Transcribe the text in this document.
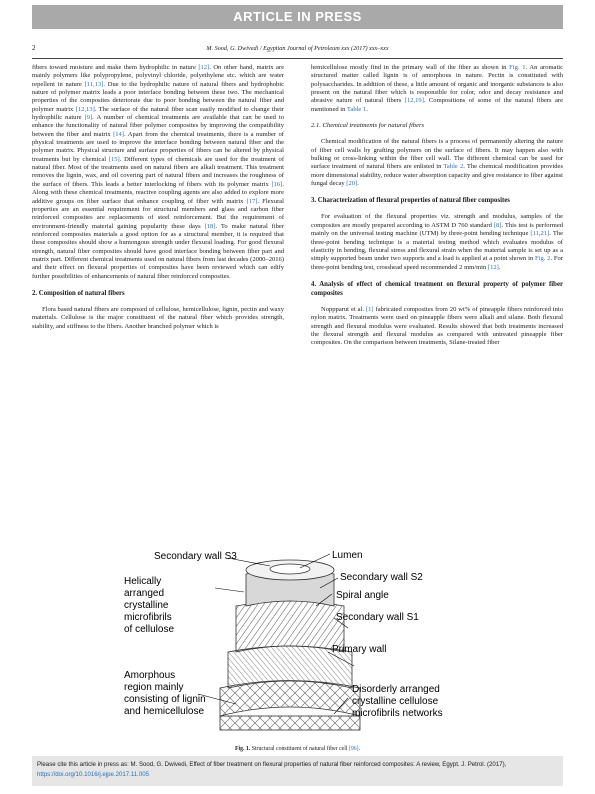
ARTICLE IN PRESS
2	M. Sood, G. Dwivedi / Egyptian Journal of Petroleum xxx (2017) xxx–xxx

fibers toward moisture and make them hydrophilic in nature [12]. On other hand, matrix are mainly polymers like polypropylene, polyvinyl chloride, polyethylene etc. which are water repellent in nature [11,13]. Due to the hydrophilic nature of natural fibers and hydrophobic nature of polymer matrix leads a poor interface bonding between these two. The mechanical properties of the composites deteriorate due to poor bonding between the natural fiber and polymer matrix [12,13]. The surface of the natural fiber scan easily modified to change their hydrophilic nature [9]. A number of chemical treatments are available that can be used to enhance the functionality of natural fiber polymer composites by improving the compatibility between the fiber and matrix [14]. Apart from the chemical treatments, there is a number of physical treatments are used to improve the interface bonding between natural fiber and the polymer matrix. Physical structure and surface properties of fibers can be altered by physical treatments but by chemical [15]. Different types of chemicals are used for the treatment of natural fiber. Most of the treatments used on natural fibers are alkali treatment. This treatment removes the lignin, wax, and oil covering part of natural fibers and increases the roughness of the surface of fibers. This leads a better interlocking of fibers with its polymer matrix [16]. Along with these chemical treatments, reactive coupling agents are also added to explore more additive groups on fiber surface that enhance coupling of fiber with matrix [17]. Flexural properties are an essential requirement for structural members and glass and carbon fiber reinforced composites are replacements of steel reinforcement. But the requirement of environment-friendly material gaining popularity these days [18]. To make natural fiber reinforced composites materials a good option for as a structural member, it is required that these composites should show a humongous strength under flexural loading. For good flexural strength, natural fiber composites should have good interface bonding between fiber part and matrix part. Different chemical treatments used on natural fibers from last decades (2000–2016) and their effect on flexural properties of composites have been reviewed which can edify further possibilities of enhancements of natural fiber reinforced composites.

2. Composition of natural fibers

Flora based natural fibers are composed of cellulose, hemicellulose, lignin, pectin and waxy materials. Cellulose is the major constituent of the natural fiber which provides strength, stability, and stiffness to the fibers. Another branched polymer which is

hemicellulose mostly find in the primary wall of the fiber as shown in Fig. 1. An aromatic structured matter called lignin is of amorphous in nature. Pectin is constituted with polysaccharides. In addition of these, a little amount of organic and inorganic substances is also present on the natural fiber which is responsible for color, odor and decay resistance and abrasive nature of natural fibers [12,19]. Compositions of some of the natural fibers are mentioned in Table 1.

2.1. Chemical treatments for natural fibers

Chemical modification of the natural fibers is a process of permanently altering the nature of fiber cell walls by grafting polymers on the surface of fibers. It may happen also with bulking or cross-linking within the fiber cell wall. The different chemical can be used for surface treatment of natural fibers are enlisted in Table 2. The chemical modification provides more dimensional stability, reduce water absorption capacity and give resistance to fiber against fungal decay [20].

3. Characterization of flexural properties of natural fiber composites

For evaluation of the flexural properties viz. strength and modulus, samples of the composites are mostly prepared according to ASTM D 760 standard [8]. This test is performed mainly on the universal testing machine (UTM) by three-point bending technique [11,21]. The three-point bending technique is a material testing method which evaluates modulus of elasticity in bending, flexural stress and flexural strain when the material sample is set up as a simply supported beam under two supports and a load is applied at a point shown in Fig. 2. For three-point bending test, crosshead speed recommended 2 mm/min [12].

4. Analysis of effect of chemical treatment on flexural property of polymer fiber composites

Noppparut et al. [1] fabricated composites from 20 wt% of pineapple fibers reinforced into nylon matrix. Treatments were used on pineapple fibers were alkali and silane. Both flexural strength and flexural modulus were evaluated. Results showed that both treatments increased the flexural strength and flexural modulus as compared with untreated pineapple fiber composites. On the comparison between treatments, Silane-treated fiber

Secondary wall S3	Lumen
Helically
arranged
crystalline
microfibrils
of cellulose
Secondary wall S2
Spiral angle
Secondary wall S1
Primary wall
Amorphous
region mainly
consisting of lignin
and hemicellulose
Disorderly arranged
crystalline cellulose
microfibrils networks
Fig. 1. Structural constituent of natural fiber cell [96].
Please cite this article in press as: M. Sood, G. Dwivedi, Effect of fiber treatment on flexural properties of natural fiber reinforced composites: A review, Egypt. J. Petrol. (2017), https://doi.org/10.1016/j.ejpe.2017.11.005
